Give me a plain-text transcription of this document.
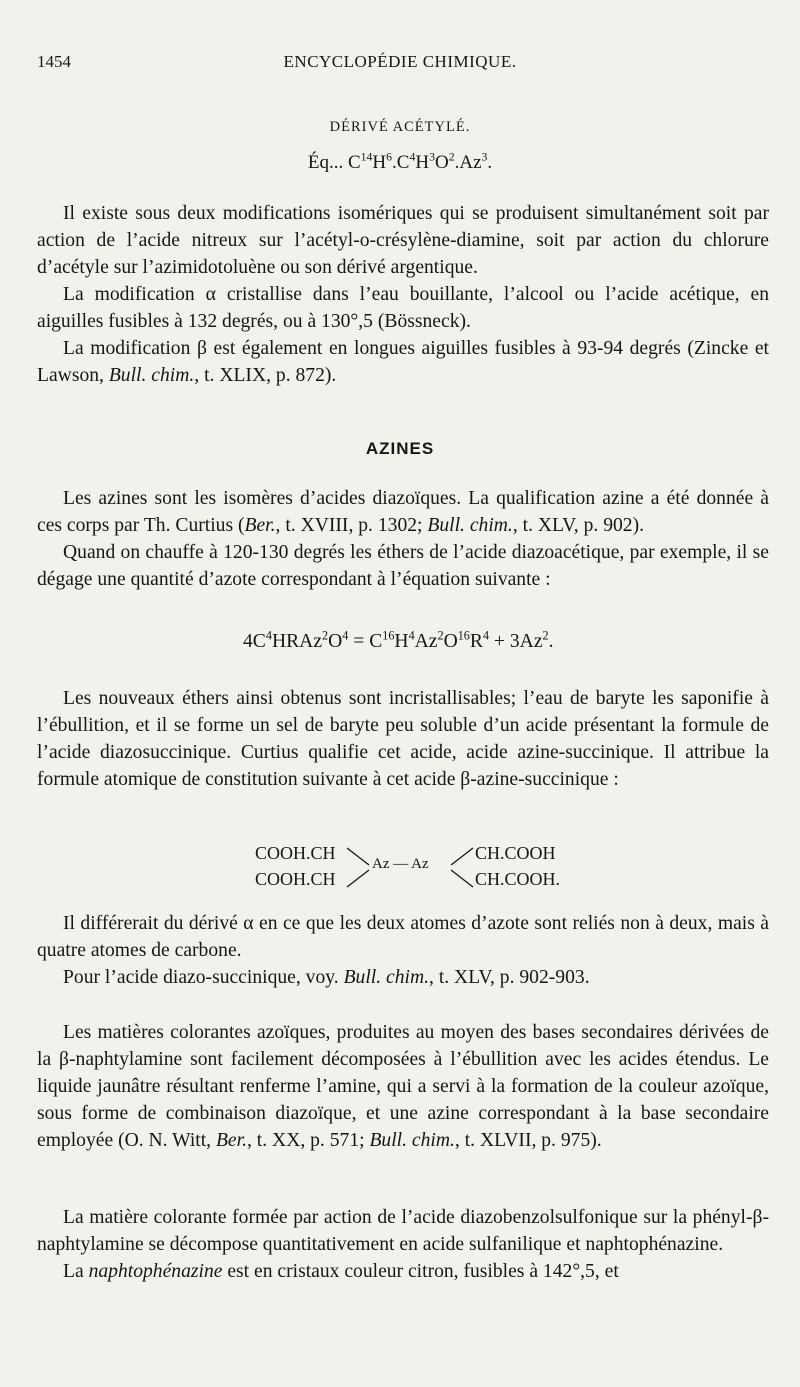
1454	ENCYCLOPÉDIE CHIMIQUE.
DÉRIVÉ ACÉTYLÉ.
Éq... $C^{14}H^6.C^4H^3O^2.Az^3$.

Il existe sous deux modifications isomériques qui se produisent simultanément soit par action de l’acide nitreux sur l’acétyl-o-crésylène-diamine, soit par action du chlorure d’acétyle sur l’azimidotoluène ou son dérivé argentique.

La modification α cristallise dans l’eau bouillante, l’alcool ou l’acide acétique, en aiguilles fusibles à 132 degrés, ou à 130°,5 (Bössneck).

La modification β est également en longues aiguilles fusibles à 93-94 degrés (Zincke et Lawson, Bull. chim., t. XLIX, p. 872).

AZINES

Les azines sont les isomères d’acides diazoïques. La qualification azine a été donnée à ces corps par Th. Curtius (Ber., t. XVIII, p. 1302; Bull. chim., t. XLV, p. 902).

Quand on chauffe à 120-130 degrés les éthers de l’acide diazoacétique, par exemple, il se dégage une quantité d’azote correspondant à l’équation suivante :

$4C^4HRAz^2O^4 = C^{16}H^4Az^2O^{16}R^4 + 3Az^2$.

Les nouveaux éthers ainsi obtenus sont incristallisables; l’eau de baryte les saponifie à l’ébullition, et il se forme un sel de baryte peu soluble d’un acide présentant la formule de l’acide diazosuccinique. Curtius qualifie cet acide, acide azine-succinique. Il attribue la formule atomique de constitution suivante à cet acide β-azine-succinique :

COOH.CH
COOH.CH
Az — Az
CH.COOH
CH.COOH.

Il différerait du dérivé α en ce que les deux atomes d’azote sont reliés non à deux, mais à quatre atomes de carbone.

Pour l’acide diazo-succinique, voy. Bull. chim., t. XLV, p. 902-903.

Les matières colorantes azoïques, produites au moyen des bases secondaires dérivées de la β-naphtylamine sont facilement décomposées à l’ébullition avec les acides étendus. Le liquide jaunâtre résultant renferme l’amine, qui a servi à la formation de la couleur azoïque, sous forme de combinaison diazoïque, et une azine correspondant à la base secondaire employée (O. N. Witt, Ber., t. XX, p. 571; Bull. chim., t. XLVII, p. 975).

La matière colorante formée par action de l’acide diazobenzolsulfonique sur la phényl-β-naphtylamine se décompose quantitativement en acide sulfanilique et naphtophénazine.

La naphtophénazine est en cristaux couleur citron, fusibles à 142°,5, et
